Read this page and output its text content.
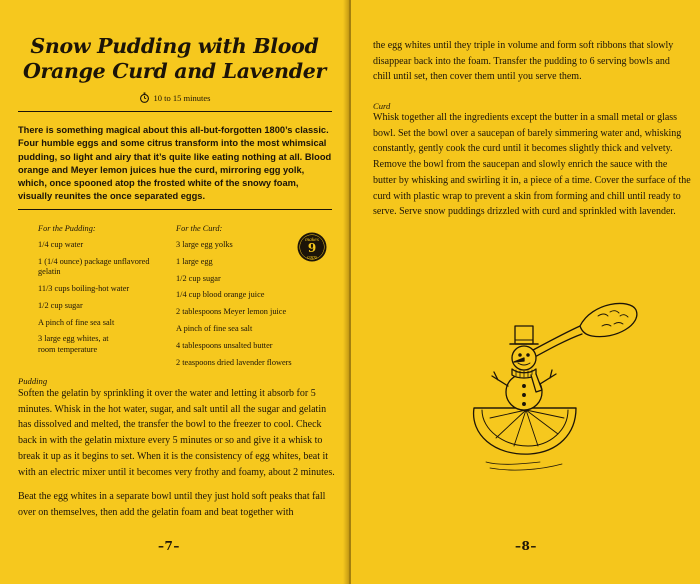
Snow Pudding with Blood Orange Curd and Lavender
10 to 15 minutes
There is something magical about this all-but-forgotten 1800’s classic. Four humble eggs and some citrus transform into the most whimsical pudding, so light and airy that it’s quite like eating nothing at all. Blood orange and Meyer lemon juices hue the curd, mirroring egg yolk, which, once spooned atop the frosted white of the snowy foam, visually reunites the once separated eggs.
For the Pudding:
1/4 cup water
1 (1/4 ounce) package unflavored gelatin
11/3 cups boiling-hot water
1/2 cup sugar
A pinch of fine sea salt
3 large egg whites, at room temperature
For the Curd:
3 large egg yolks
1 large egg
1/2 cup sugar
1/4 cup blood orange juice
2 tablespoons Meyer lemon juice
A pinch of fine sea salt
4 tablespoons unsalted butter
2 teaspoons dried lavender flowers
makes
9
cups
Pudding

Soften the gelatin by sprinkling it over the water and letting it absorb for 5 minutes. Whisk in the hot water, sugar, and salt until all the sugar and gelatin has dissolved and melted, the transfer the bowl to the freezer to cool. Check back in with the gelatin mixture every 5 minutes or so and give it a whisk to break it up as it begins to set. When it is the consistency of egg whites, beat it with an electric mixer until it becomes very frothy and foamy, about 2 minutes.

Beat the egg whites in a separate bowl until they just hold soft peaks that fall over on themselves, then add the gelatin foam and beat together with

–7–

the egg whites until they triple in volume and form soft ribbons that slowly disappear back into the foam. Transfer the pudding to 6 serving bowls and chill until set, then cover them until you serve them.

Curd

Whisk together all the ingredients except the butter in a small metal or glass bowl. Set the bowl over a saucepan of barely simmering water and, whisking constantly, gently cook the curd until it becomes slightly thick and velvety. Remove the bowl from the saucepan and slowly enrich the sauce with the butter by whisking and swirling it in, a piece of a time. Cover the surface of the curd with plastic wrap to prevent a skin from forming and chill until ready to serve. Serve snow puddings drizzled with curd and sprinkled with lavender.

–8–
